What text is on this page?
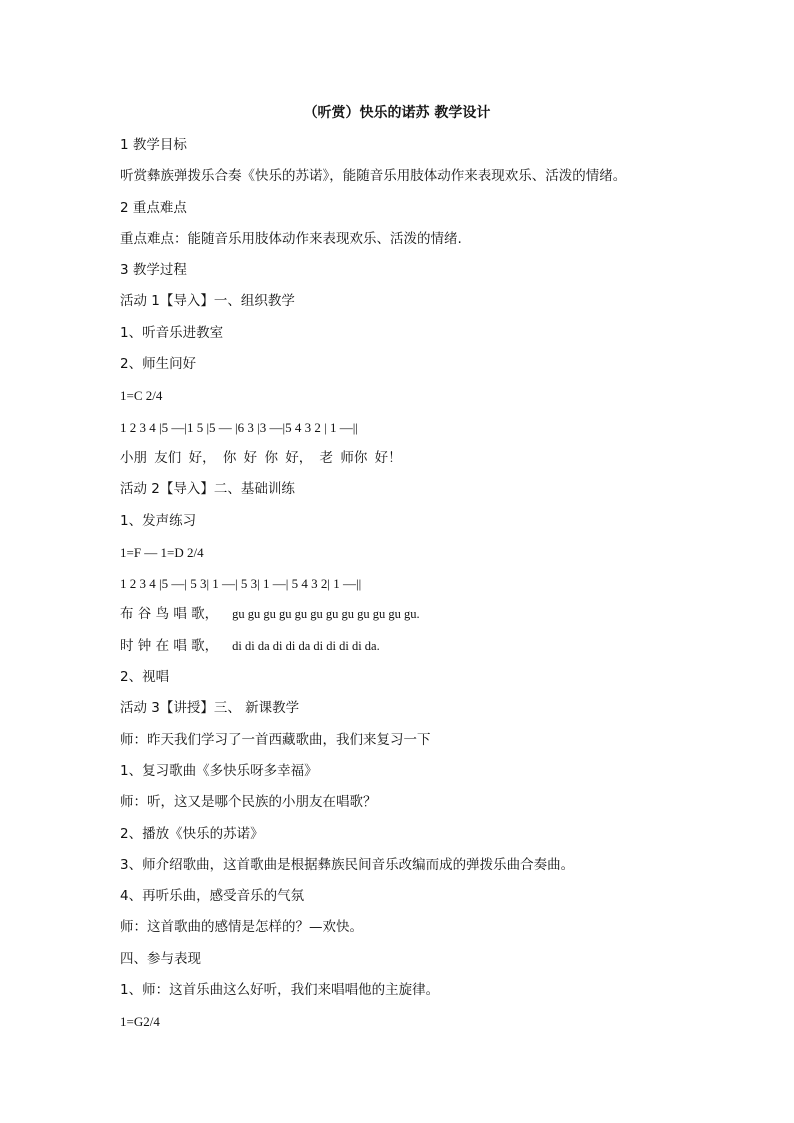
（听赏）快乐的诺苏 教学设计
1 教学目标
听赏彝族弹拨乐合奏《快乐的苏诺》，能随音乐用肢体动作来表现欢乐、活泼的情绪。
2 重点难点
重点难点：能随音乐用肢体动作来表现欢乐、活泼的情绪.
3 教学过程
活动 1【导入】一、组织教学
1、听音乐进教室
2、师生问好
1=C 2/4
1 2 3 4 |5 —|1 5 |5 — |6 3 |3 —|5 4 3 2 | 1 —||
小朋 友们 好， 你 好 你 好， 老 师你 好！
活动 2【导入】二、基础训练
1、发声练习
1=F — 1=D 2/4
1 2 3 4 |5 —| 5 3| 1 —| 5 3| 1 —| 5 4 3 2| 1 —||
布 谷 鸟 唱 歌， gu gu gu gu gu gu gu gu gu gu gu gu.
时 钟 在 唱 歌， di di da di di da di di di di da.
2、视唱
活动 3【讲授】三、 新课教学
师：昨天我们学习了一首西藏歌曲，我们来复习一下
1、复习歌曲《多快乐呀多幸福》
师：听，这又是哪个民族的小朋友在唱歌？
2、播放《快乐的苏诺》
3、师介绍歌曲，这首歌曲是根据彝族民间音乐改编而成的弹拨乐曲合奏曲。
4、再听乐曲，感受音乐的气氛
师：这首歌曲的感情是怎样的？—欢快。
四、参与表现
1、师：这首乐曲这么好听，我们来唱唱他的主旋律。
1=G2/4
